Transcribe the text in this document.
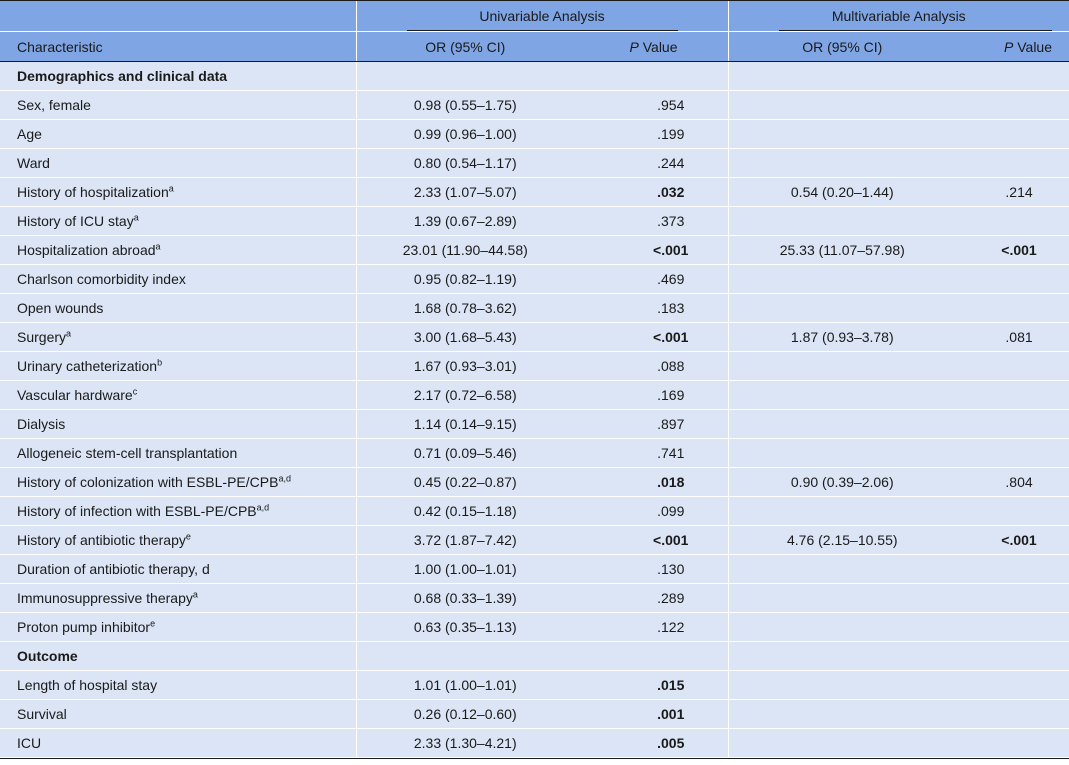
	Univariable Analysis		Multivariable Analysis	

Characteristic	OR (95% CI)	P Value	OR (95% CI)	P Value
Demographics and clinical data				
Sex, female	0.98 (0.55–1.75)	.954		
Age	0.99 (0.96–1.00)	.199		
Ward	0.80 (0.54–1.17)	.244		
History of hospitalization$^a$	2.33 (1.07–5.07)	.032	0.54 (0.20–1.44)	.214
History of ICU stay$^a$	1.39 (0.67–2.89)	.373		
Hospitalization abroad$^a$	23.01 (11.90–44.58)	<.001	25.33 (11.07–57.98)	<.001
Charlson comorbidity index	0.95 (0.82–1.19)	.469		
Open wounds	1.68 (0.78–3.62)	.183		
Surgery$^a$	3.00 (1.68–5.43)	<.001	1.87 (0.93–3.78)	.081
Urinary catheterization$^b$	1.67 (0.93–3.01)	.088		
Vascular hardware$^c$	2.17 (0.72–6.58)	.169		
Dialysis	1.14 (0.14–9.15)	.897		
Allogeneic stem-cell transplantation	0.71 (0.09–5.46)	.741		
History of colonization with ESBL-PE/CPB$^{a,d}$	0.45 (0.22–0.87)	.018	0.90 (0.39–2.06)	.804
History of infection with ESBL-PE/CPB$^{a,d}$	0.42 (0.15–1.18)	.099		
History of antibiotic therapy$^e$	3.72 (1.87–7.42)	<.001	4.76 (2.15–10.55)	<.001
Duration of antibiotic therapy, d	1.00 (1.00–1.01)	.130		
Immunosuppressive therapy$^a$	0.68 (0.33–1.39)	.289		
Proton pump inhibitor$^e$	0.63 (0.35–1.13)	.122		
Outcome				
Length of hospital stay	1.01 (1.00–1.01)	.015		
Survival	0.26 (0.12–0.60)	.001		
ICU	2.33 (1.30–4.21)	.005		
